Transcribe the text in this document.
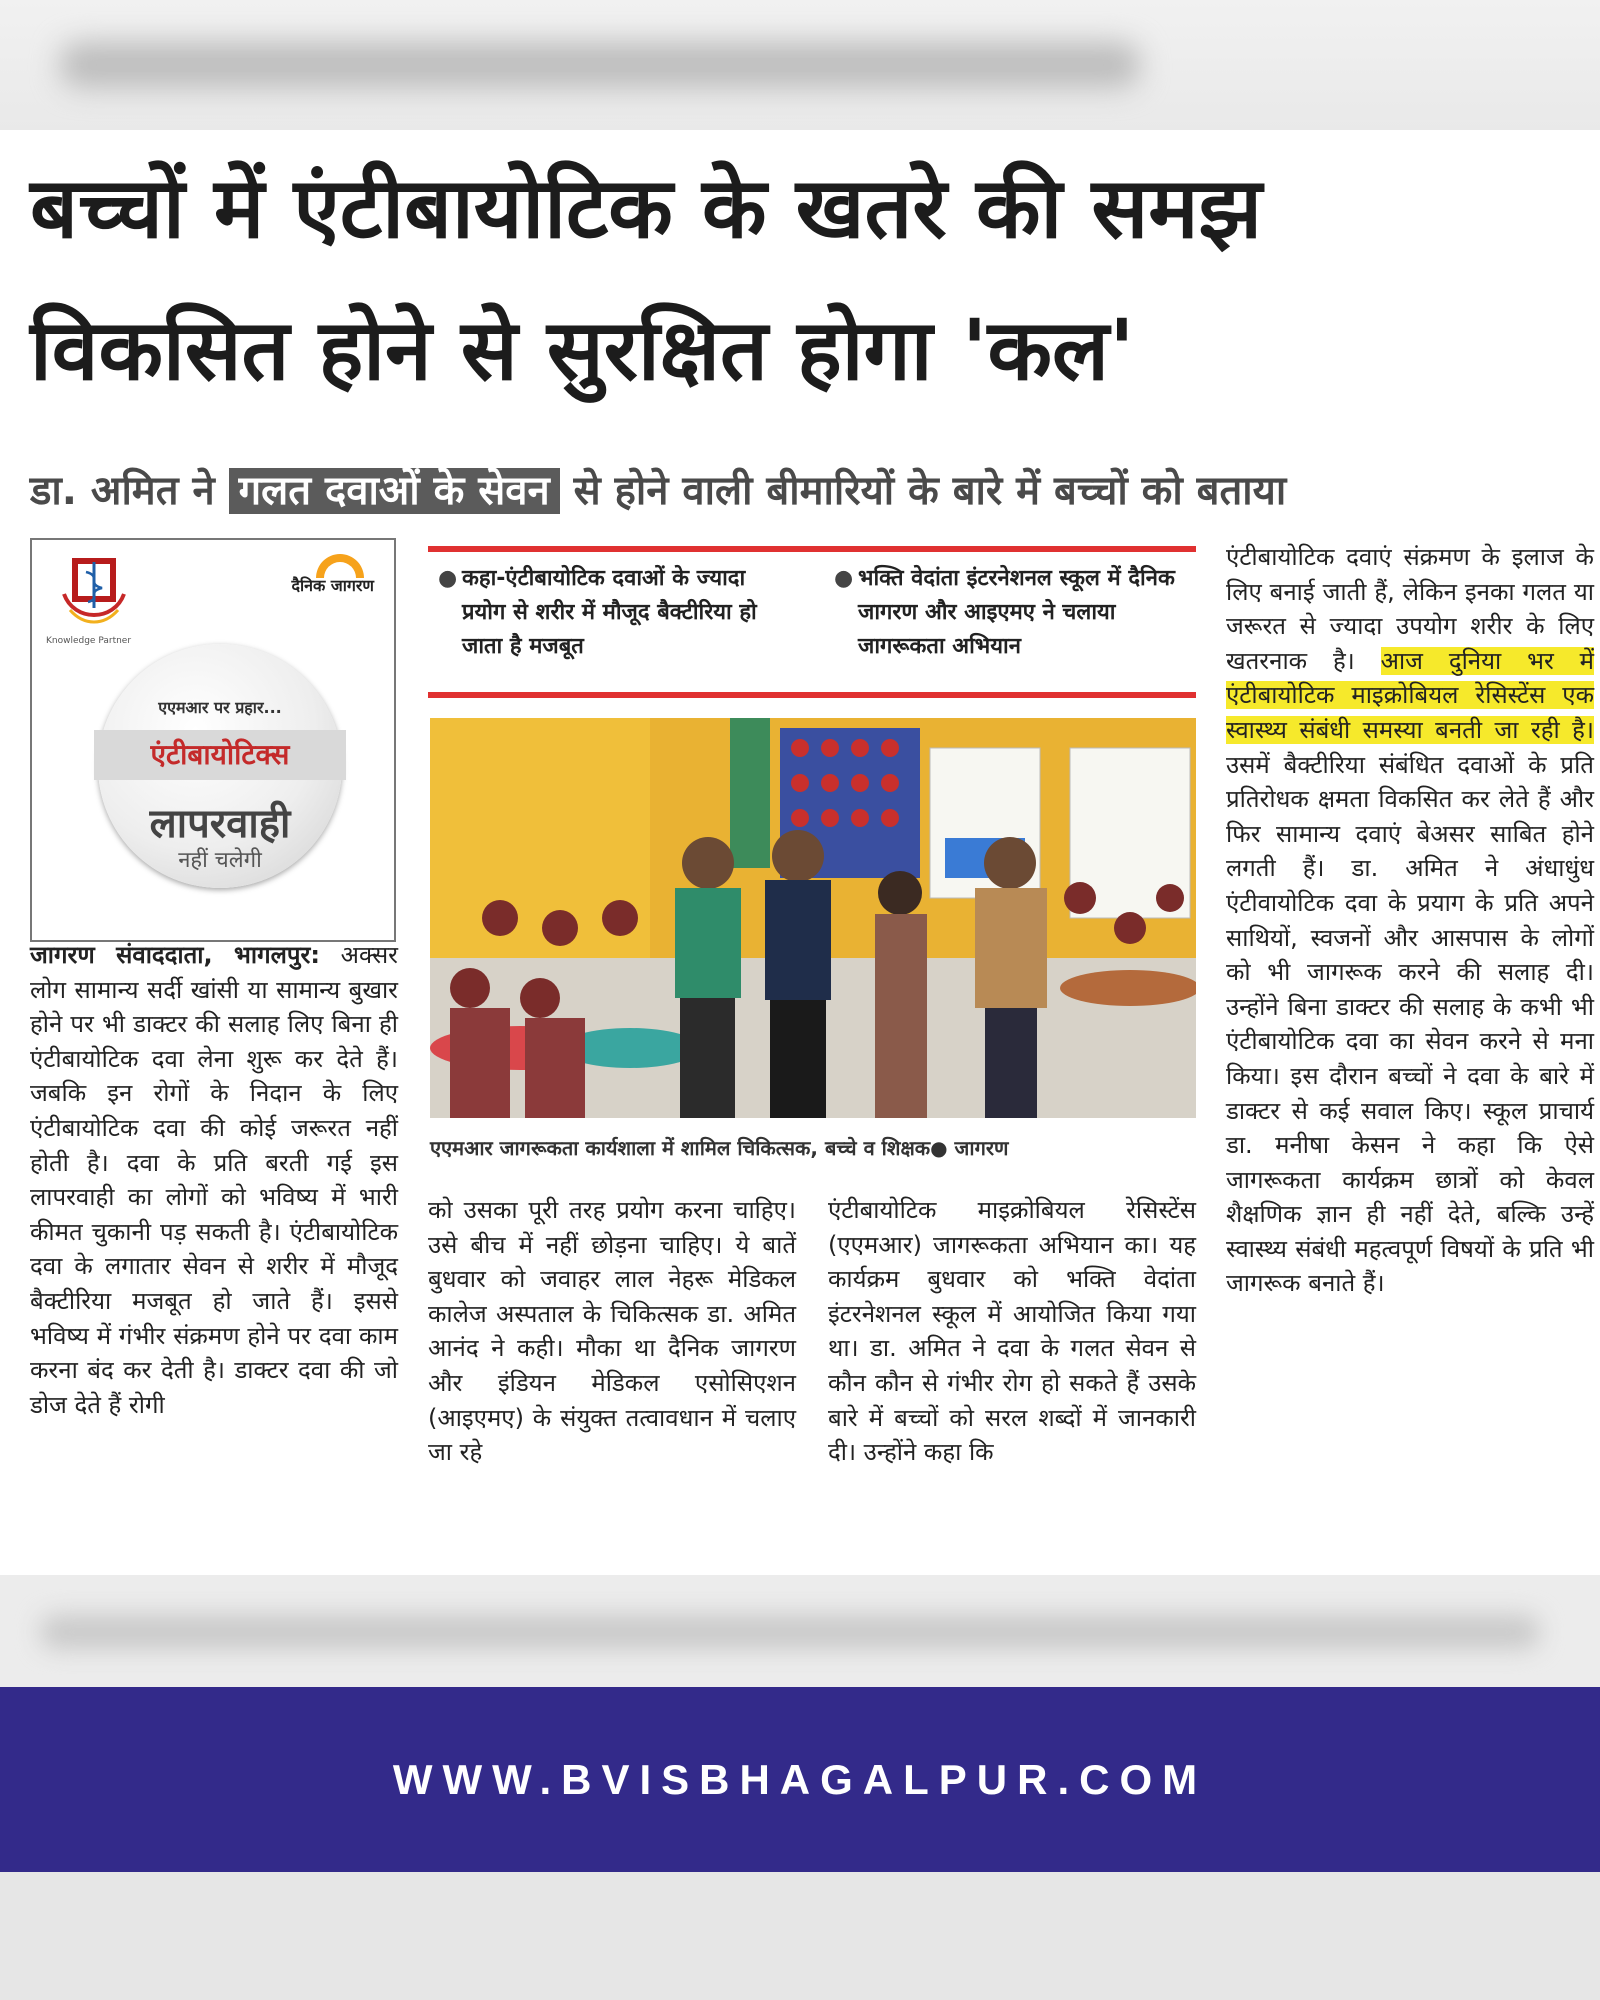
बच्चों में एंटीबायोटिक के खतरे की समझ
विकसित होने से सुरक्षित होगा 'कल'
डा. अमित ने गलत दवाओं के सेवन से होने वाली बीमारियों के बारे में बच्चों को बताया
Knowledge Partner
दैनिक जागरण
एएमआर पर प्रहार...
एंटीबायोटिक्स
लापरवाही
नहीं चलेगी
● कहा-एंटीबायोटिक दवाओं के ज्यादा प्रयोग से शरीर में मौजूद बैक्टीरिया हो जाता है मजबूत
● भक्ति वेदांता इंटरनेशनल स्कूल में दैनिक जागरण और आइएमए ने चलाया जागरूकता अभियान
एएमआर जागरूकता कार्यशाला में शामिल चिकित्सक, बच्चे व शिक्षक● जागरण

जागरण संवाददाता, भागलपुर: अक्सर लोग सामान्य सर्दी खांसी या सामान्य बुखार होने पर भी डाक्टर की सलाह लिए बिना ही एंटीबायोटिक दवा लेना शुरू कर देते हैं। जबकि इन रोगों के निदान के लिए एंटीबायोटिक दवा की कोई जरूरत नहीं होती है। दवा के प्रति बरती गई इस लापरवाही का लोगों को भविष्य में भारी कीमत चुकानी पड़ सकती है। एंटीबायोटिक दवा के लगातार सेवन से शरीर में मौजूद बैक्टीरिया मजबूत हो जाते हैं। इससे भविष्य में गंभीर संक्रमण होने पर दवा काम करना बंद कर देती है। डाक्टर दवा की जो डोज देते हैं रोगी

को उसका पूरी तरह प्रयोग करना चाहिए। उसे बीच में नहीं छोड़ना चाहिए। ये बातें बुधवार को जवाहर लाल नेहरू मेडिकल कालेज अस्पताल के चिकित्सक डा. अमित आनंद ने कही। मौका था दैनिक जागरण और इंडियन मेडिकल एसोसिएशन (आइएमए) के संयुक्त तत्वावधान में चलाए जा रहे

एंटीबायोटिक माइक्रोबियल रेसिस्टेंस (एएमआर) जागरूकता अभियान का। यह कार्यक्रम बुधवार को भक्ति वेदांता इंटरनेशनल स्कूल में आयोजित किया गया था। डा. अमित ने दवा के गलत सेवन से कौन कौन से गंभीर रोग हो सकते हैं उसके बारे में बच्चों को सरल शब्दों में जानकारी दी। उन्होंने कहा कि

एंटीबायोटिक दवाएं संक्रमण के इलाज के लिए बनाई जाती हैं, लेकिन इनका गलत या जरूरत से ज्यादा उपयोग शरीर के लिए खतरनाक है। आज दुनिया भर में एंटीबायोटिक माइक्रोबियल रेसिस्टेंस एक स्वास्थ्य संबंधी समस्या बनती जा रही है। उसमें बैक्टीरिया संबंधित दवाओं के प्रति प्रतिरोधक क्षमता विकसित कर लेते हैं और फिर सामान्य दवाएं बेअसर साबित होने लगती हैं। डा. अमित ने अंधाधुंध एंटीवायोटिक दवा के प्रयाग के प्रति अपने साथियों, स्वजनों और आसपास के लोगों को भी जागरूक करने की सलाह दी। उन्होंने बिना डाक्टर की सलाह के कभी भी एंटीबायोटिक दवा का सेवन करने से मना किया। इस दौरान बच्चों ने दवा के बारे में डाक्टर से कई सवाल किए। स्कूल प्राचार्य डा. मनीषा केसन ने कहा कि ऐसे जागरूकता कार्यक्रम छात्रों को केवल शैक्षणिक ज्ञान ही नहीं देते, बल्कि उन्हें स्वास्थ्य संबंधी महत्वपूर्ण विषयों के प्रति भी जागरूक बनाते हैं।

WWW.BVISBHAGALPUR.COM
